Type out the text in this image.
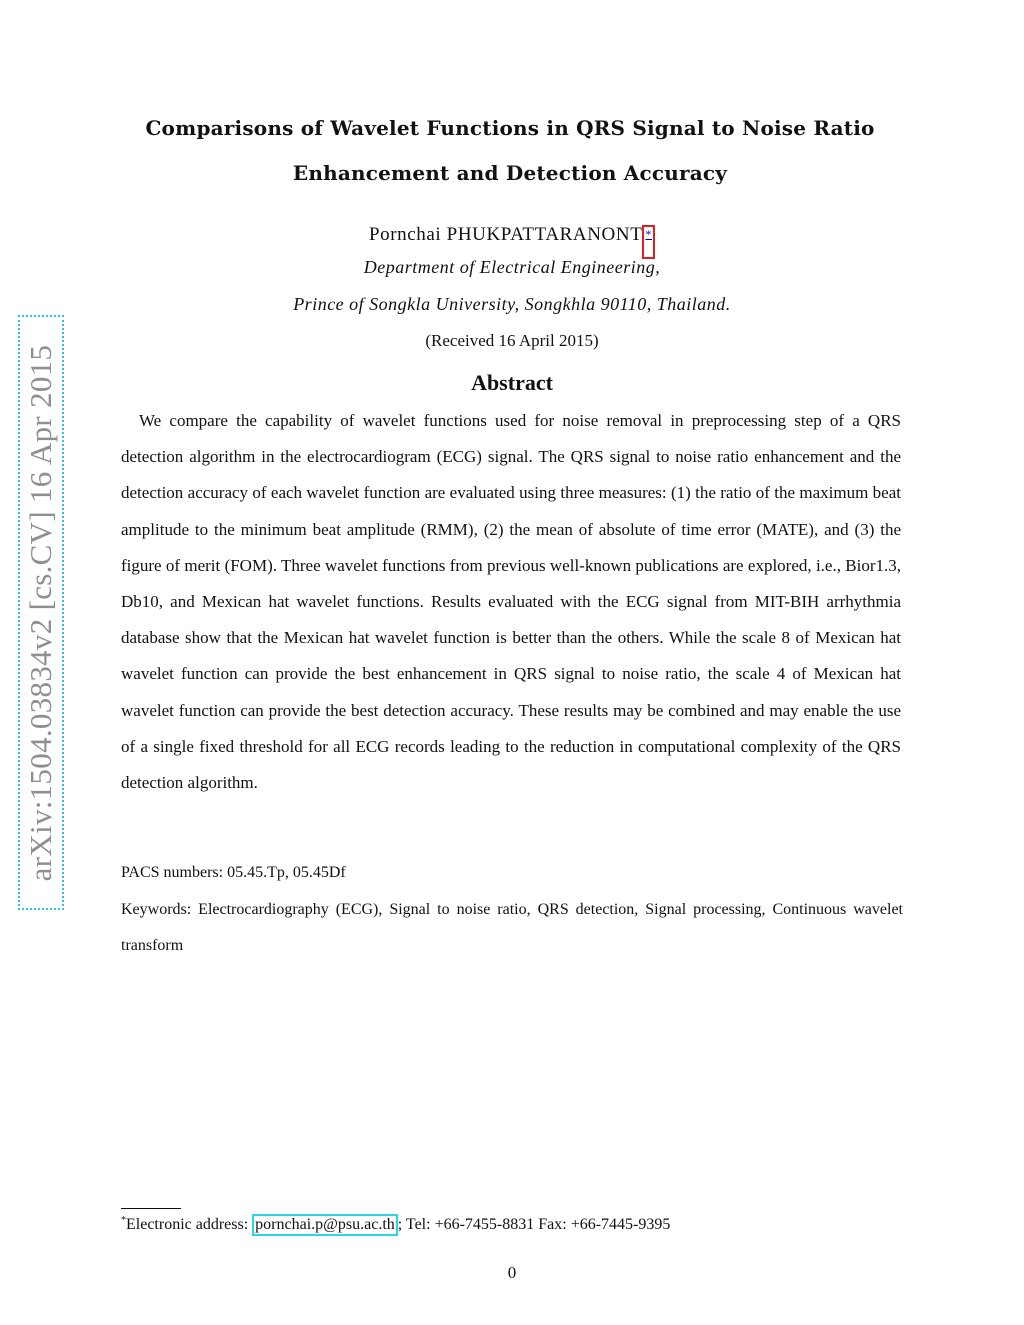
arXiv:1504.03834v2 [cs.CV] 16 Apr 2015
Comparisons of Wavelet Functions in QRS Signal to Noise Ratio
Enhancement and Detection Accuracy
Pornchai PHUKPATTARANONT *
Department of Electrical Engineering,
Prince of Songkla University, Songkhla 90110, Thailand.
(Received 16 April 2015)
Abstract

We compare the capability of wavelet functions used for noise removal in preprocessing step of a QRS detection algorithm in the electrocardiogram (ECG) signal. The QRS signal to noise ratio enhancement and the detection accuracy of each wavelet function are evaluated using three measures: (1) the ratio of the maximum beat amplitude to the minimum beat amplitude (RMM), (2) the mean of absolute of time error (MATE), and (3) the figure of merit (FOM). Three wavelet functions from previous well-known publications are explored, i.e., Bior1.3, Db10, and Mexican hat wavelet functions. Results evaluated with the ECG signal from MIT-BIH arrhythmia database show that the Mexican hat wavelet function is better than the others. While the scale 8 of Mexican hat wavelet function can provide the best enhancement in QRS signal to noise ratio, the scale 4 of Mexican hat wavelet function can provide the best detection accuracy. These results may be combined and may enable the use of a single fixed threshold for all ECG records leading to the reduction in computational complexity of the QRS detection algorithm.

PACS numbers: 05.45.Tp, 05.45Df

Keywords: Electrocardiography (ECG), Signal to noise ratio, QRS detection, Signal processing, Continuous wavelet transform

*Electronic address: pornchai.p@psu.ac.th ; Tel: +66-7455-8831 Fax: +66-7445-9395

0
